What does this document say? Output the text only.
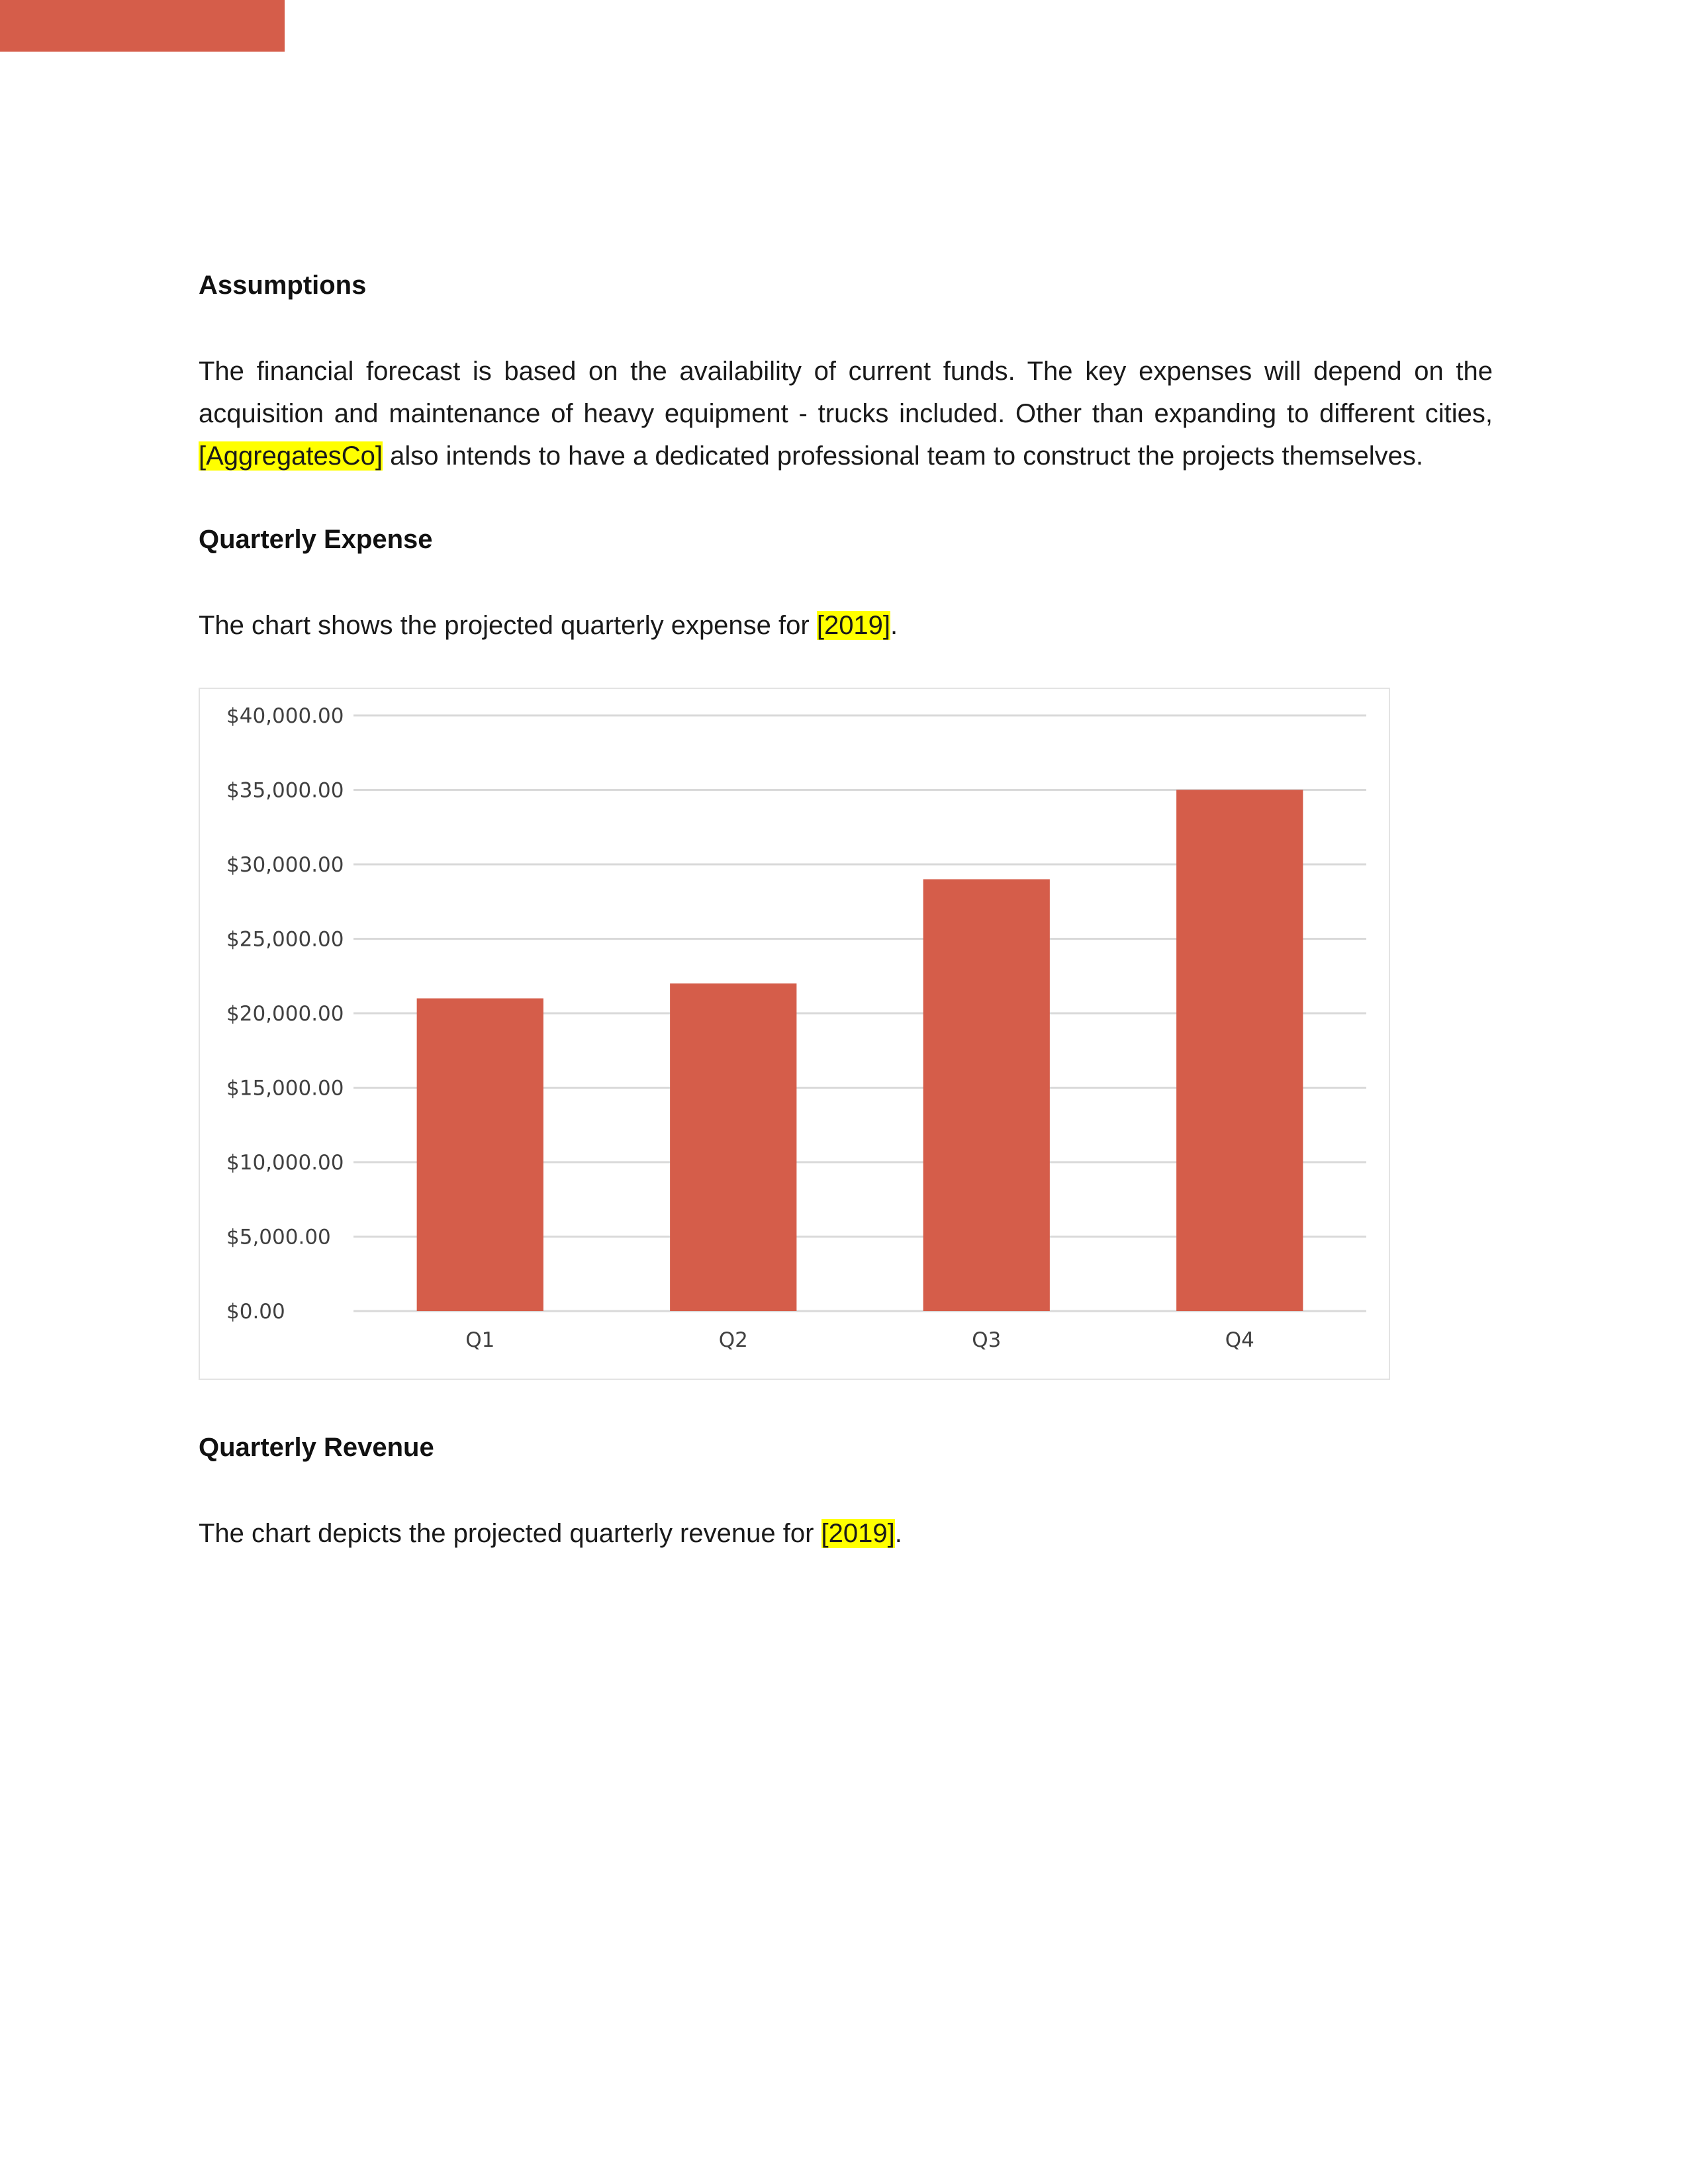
Assumptions

The financial forecast is based on the availability of current funds. The key expenses will depend on the acquisition and maintenance of heavy equipment - trucks included. Other than expanding to different cities, [AggregatesCo] also intends to have a dedicated professional team to construct the projects themselves.

Quarterly Expense

The chart shows the projected quarterly expense for [2019].

$0.00
$5,000.00
$10,000.00
$15,000.00
$20,000.00
$25,000.00
$30,000.00
$35,000.00
$40,000.00
Q1	Q2	Q3	Q4
Quarterly Revenue

The chart depicts the projected quarterly revenue for [2019].
